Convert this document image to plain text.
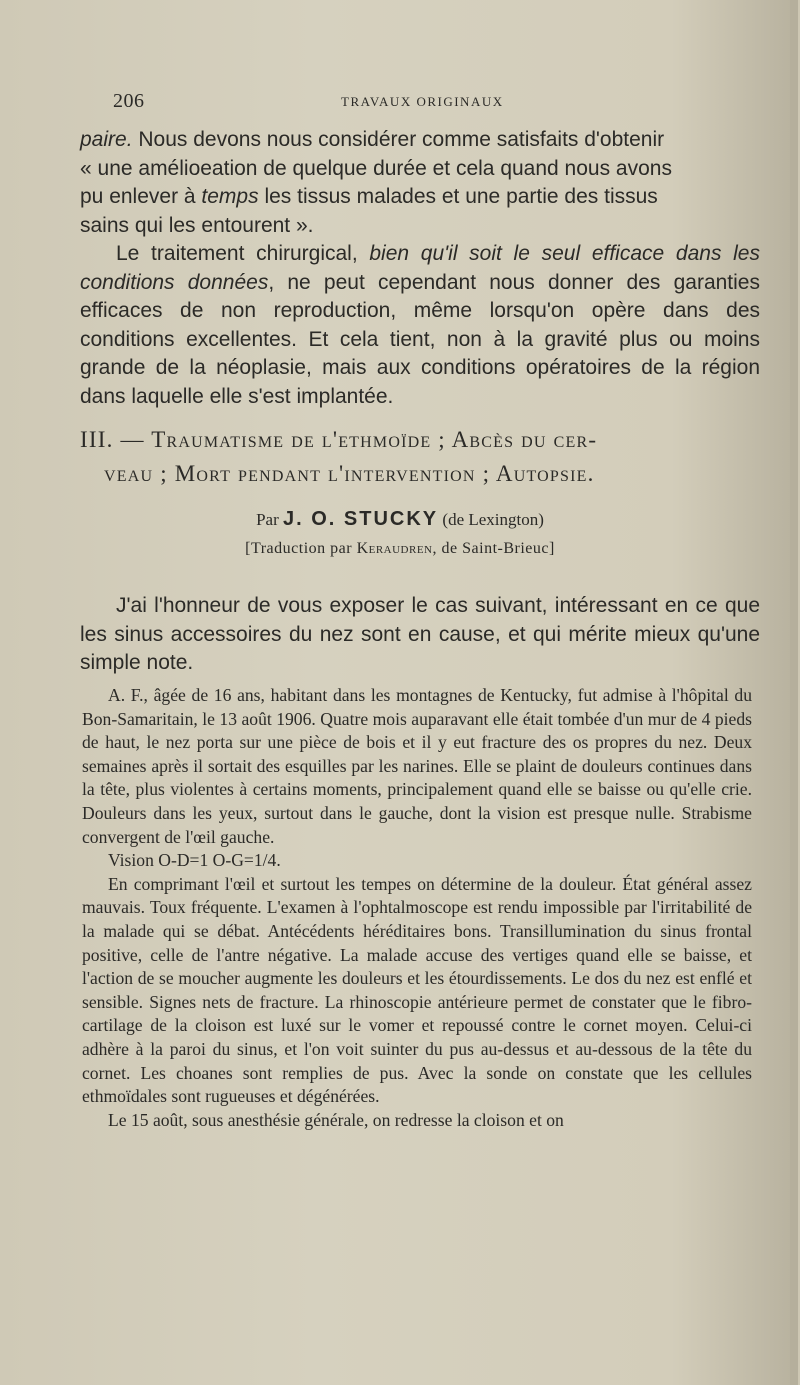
206	TRAVAUX ORIGINAUX

paire. Nous devons nous considérer comme satisfaits d'obtenir
« une amélioeation de quelque durée et cela quand nous avons
pu enlever à temps les tissus malades et une partie des tissus
sains qui les entourent ».

Le traitement chirurgical, bien qu'il soit le seul efficace dans les conditions données, ne peut cependant nous donner des garanties efficaces de non reproduction, même lorsqu'on opère dans des conditions excellentes. Et cela tient, non à la gravité plus ou moins grande de la néoplasie, mais aux conditions opératoires de la région dans laquelle elle s'est implantée.

III. — Traumatisme de l'ethmoïde ; Abcès du cer-
veau ; Mort pendant l'intervention ; Autopsie.
Par J. O. STUCKY (de Lexington)
[Traduction par Keraudren, de Saint-Brieuc]

J'ai l'honneur de vous exposer le cas suivant, intéressant en ce que les sinus accessoires du nez sont en cause, et qui mérite mieux qu'une simple note.

A. F., âgée de 16 ans, habitant dans les montagnes de Kentucky, fut admise à l'hôpital du Bon-Samaritain, le 13 août 1906. Quatre mois auparavant elle était tombée d'un mur de 4 pieds de haut, le nez porta sur une pièce de bois et il y eut fracture des os propres du nez. Deux semaines après il sortait des esquilles par les narines. Elle se plaint de douleurs continues dans la tête, plus violentes à certains moments, principalement quand elle se baisse ou qu'elle crie. Douleurs dans les yeux, surtout dans le gauche, dont la vision est presque nulle. Strabisme convergent de l'œil gauche.

Vision O-D=1 O-G=1/4.

En comprimant l'œil et surtout les tempes on détermine de la douleur. État général assez mauvais. Toux fréquente. L'examen à l'ophtalmoscope est rendu impossible par l'irritabilité de la malade qui se débat. Antécédents héréditaires bons. Transillumination du sinus frontal positive, celle de l'antre négative. La malade accuse des vertiges quand elle se baisse, et l'action de se moucher augmente les douleurs et les étourdissements. Le dos du nez est enflé et sensible. Signes nets de fracture. La rhinoscopie antérieure permet de constater que le fibro-cartilage de la cloison est luxé sur le vomer et repoussé contre le cornet moyen. Celui-ci adhère à la paroi du sinus, et l'on voit suinter du pus au-dessus et au-dessous de la tête du cornet. Les choanes sont remplies de pus. Avec la sonde on constate que les cellules ethmoïdales sont rugueuses et dégénérées.

Le 15 août, sous anesthésie générale, on redresse la cloison et on
